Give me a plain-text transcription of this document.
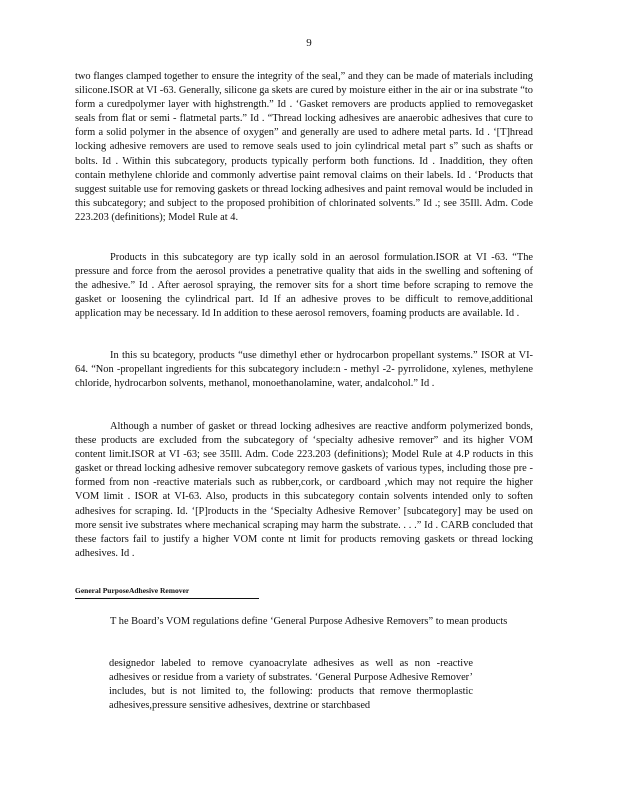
9

two flanges clamped together to ensure the integrity of the seal,” and they can be made of materials including silicone.ISOR at VI -63. Generally, silicone ga skets are cured by moisture either in the air or ina substrate “to form a curedpolymer layer with highstrength.” Id . ‘Gasket removers are products applied to removegasket seals from flat or semi - flatmetal parts.” Id . “Thread locking adhesives are anaerobic adhesives that cure to form a solid polymer in the absence of oxygen” and generally are used to adhere metal parts. Id . ‘[T]hread locking adhesive removers are used to remove seals used to join cylindrical metal part s” such as shafts or bolts. Id . Within this subcategory, products typically perform both functions. Id . Inaddition, they often contain methylene chloride and commonly advertise paint removal claims on their labels. Id . ‘Products that suggest suitable use for removing gaskets or thread locking adhesives and paint removal would be included in this subcategory; and subject to the proposed prohibition of chlorinated solvents.” Id .; see 35Ill. Adm. Code 223.203 (definitions); Model Rule at 4.

Products in this subcategory are typ ically sold in an aerosol formulation.ISOR at VI -63. “The pressure and force from the aerosol provides a penetrative quality that aids in the swelling and softening of the adhesive.” Id . After aerosol spraying, the remover sits for a short time before scraping to remove the gasket or loosening the cylindrical part. Id If an adhesive proves to be difficult to remove,additional application may be necessary. Id In addition to these aerosol removers, foaming products are available. Id .

In this su bcategory, products “use dimethyl ether or hydrocarbon propellant systems.” ISOR at VI-64. “Non -propellant ingredients for this subcategory include:n - methyl -2- pyrrolidone, xylenes, methylene chloride, hydrocarbon solvents, methanol, monoethanolamine, water, andalcohol.” Id .

Although a number of gasket or thread locking adhesives are reactive andform polymerized bonds, these products are excluded from the subcategory of ‘specialty adhesive remover” and its higher VOM content limit.ISOR at VI -63; see 35Ill. Adm. Code 223.203 (definitions); Model Rule at 4.P roducts in this gasket or thread locking adhesive remover subcategory remove gaskets of various types, including those pre -formed from non -reactive materials such as rubber,cork, or cardboard ,which may not require the higher VOM limit . ISOR at VI-63. Also, products in this subcategory contain solvents intended only to soften adhesives for scraping. Id. ‘[P]roducts in the ‘Specialty Adhesive Remover’ [subcategory] may be used on more sensit ive substrates where mechanical scraping may harm the substrate. . . .” Id . CARB concluded that these factors fail to justify a higher VOM conte nt limit for products removing gaskets or thread locking adhesives. Id .

General PurposeAdhesive Remover

T he Board’s VOM regulations define ‘General Purpose Adhesive Removers” to mean products

designedor labeled to remove cyanoacrylate adhesives as well as non -reactive adhesives or residue from a variety of substrates. ‘General Purpose Adhesive Remover’ includes, but is not limited to, the following: products that remove thermoplastic adhesives,pressure sensitive adhesives, dextrine or starchbased
